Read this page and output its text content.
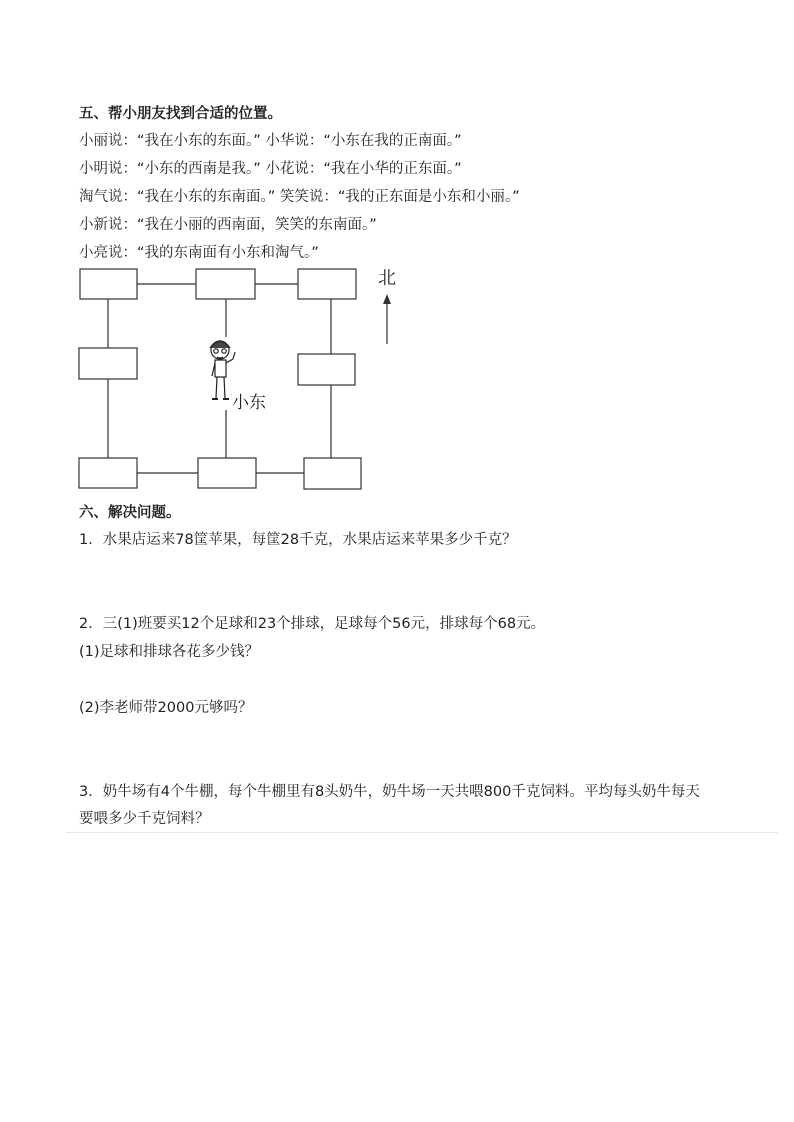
五、帮小朋友找到合适的位置。
小丽说：“我在小东的东面。” 小华说：“小东在我的正南面。”
小明说：“小东的西南是我。” 小花说：“我在小华的正东面。”
淘气说：“我在小东的东南面。” 笑笑说：“我的正东面是小东和小丽。”
小新说：“我在小丽的西南面，笑笑的东南面。”
小亮说：“我的东南面有小东和淘气。”
北
小东
六、解决问题。
1．水果店运来78筐苹果，每筐28千克，水果店运来苹果多少千克？
2．三(1)班要买12个足球和23个排球，足球每个56元，排球每个68元。
(1)足球和排球各花多少钱？
(2)李老师带2000元够吗？
3．奶牛场有4个牛棚，每个牛棚里有8头奶牛，奶牛场一天共喂800千克饲料。平均每头奶牛每天
要喂多少千克饲料？
